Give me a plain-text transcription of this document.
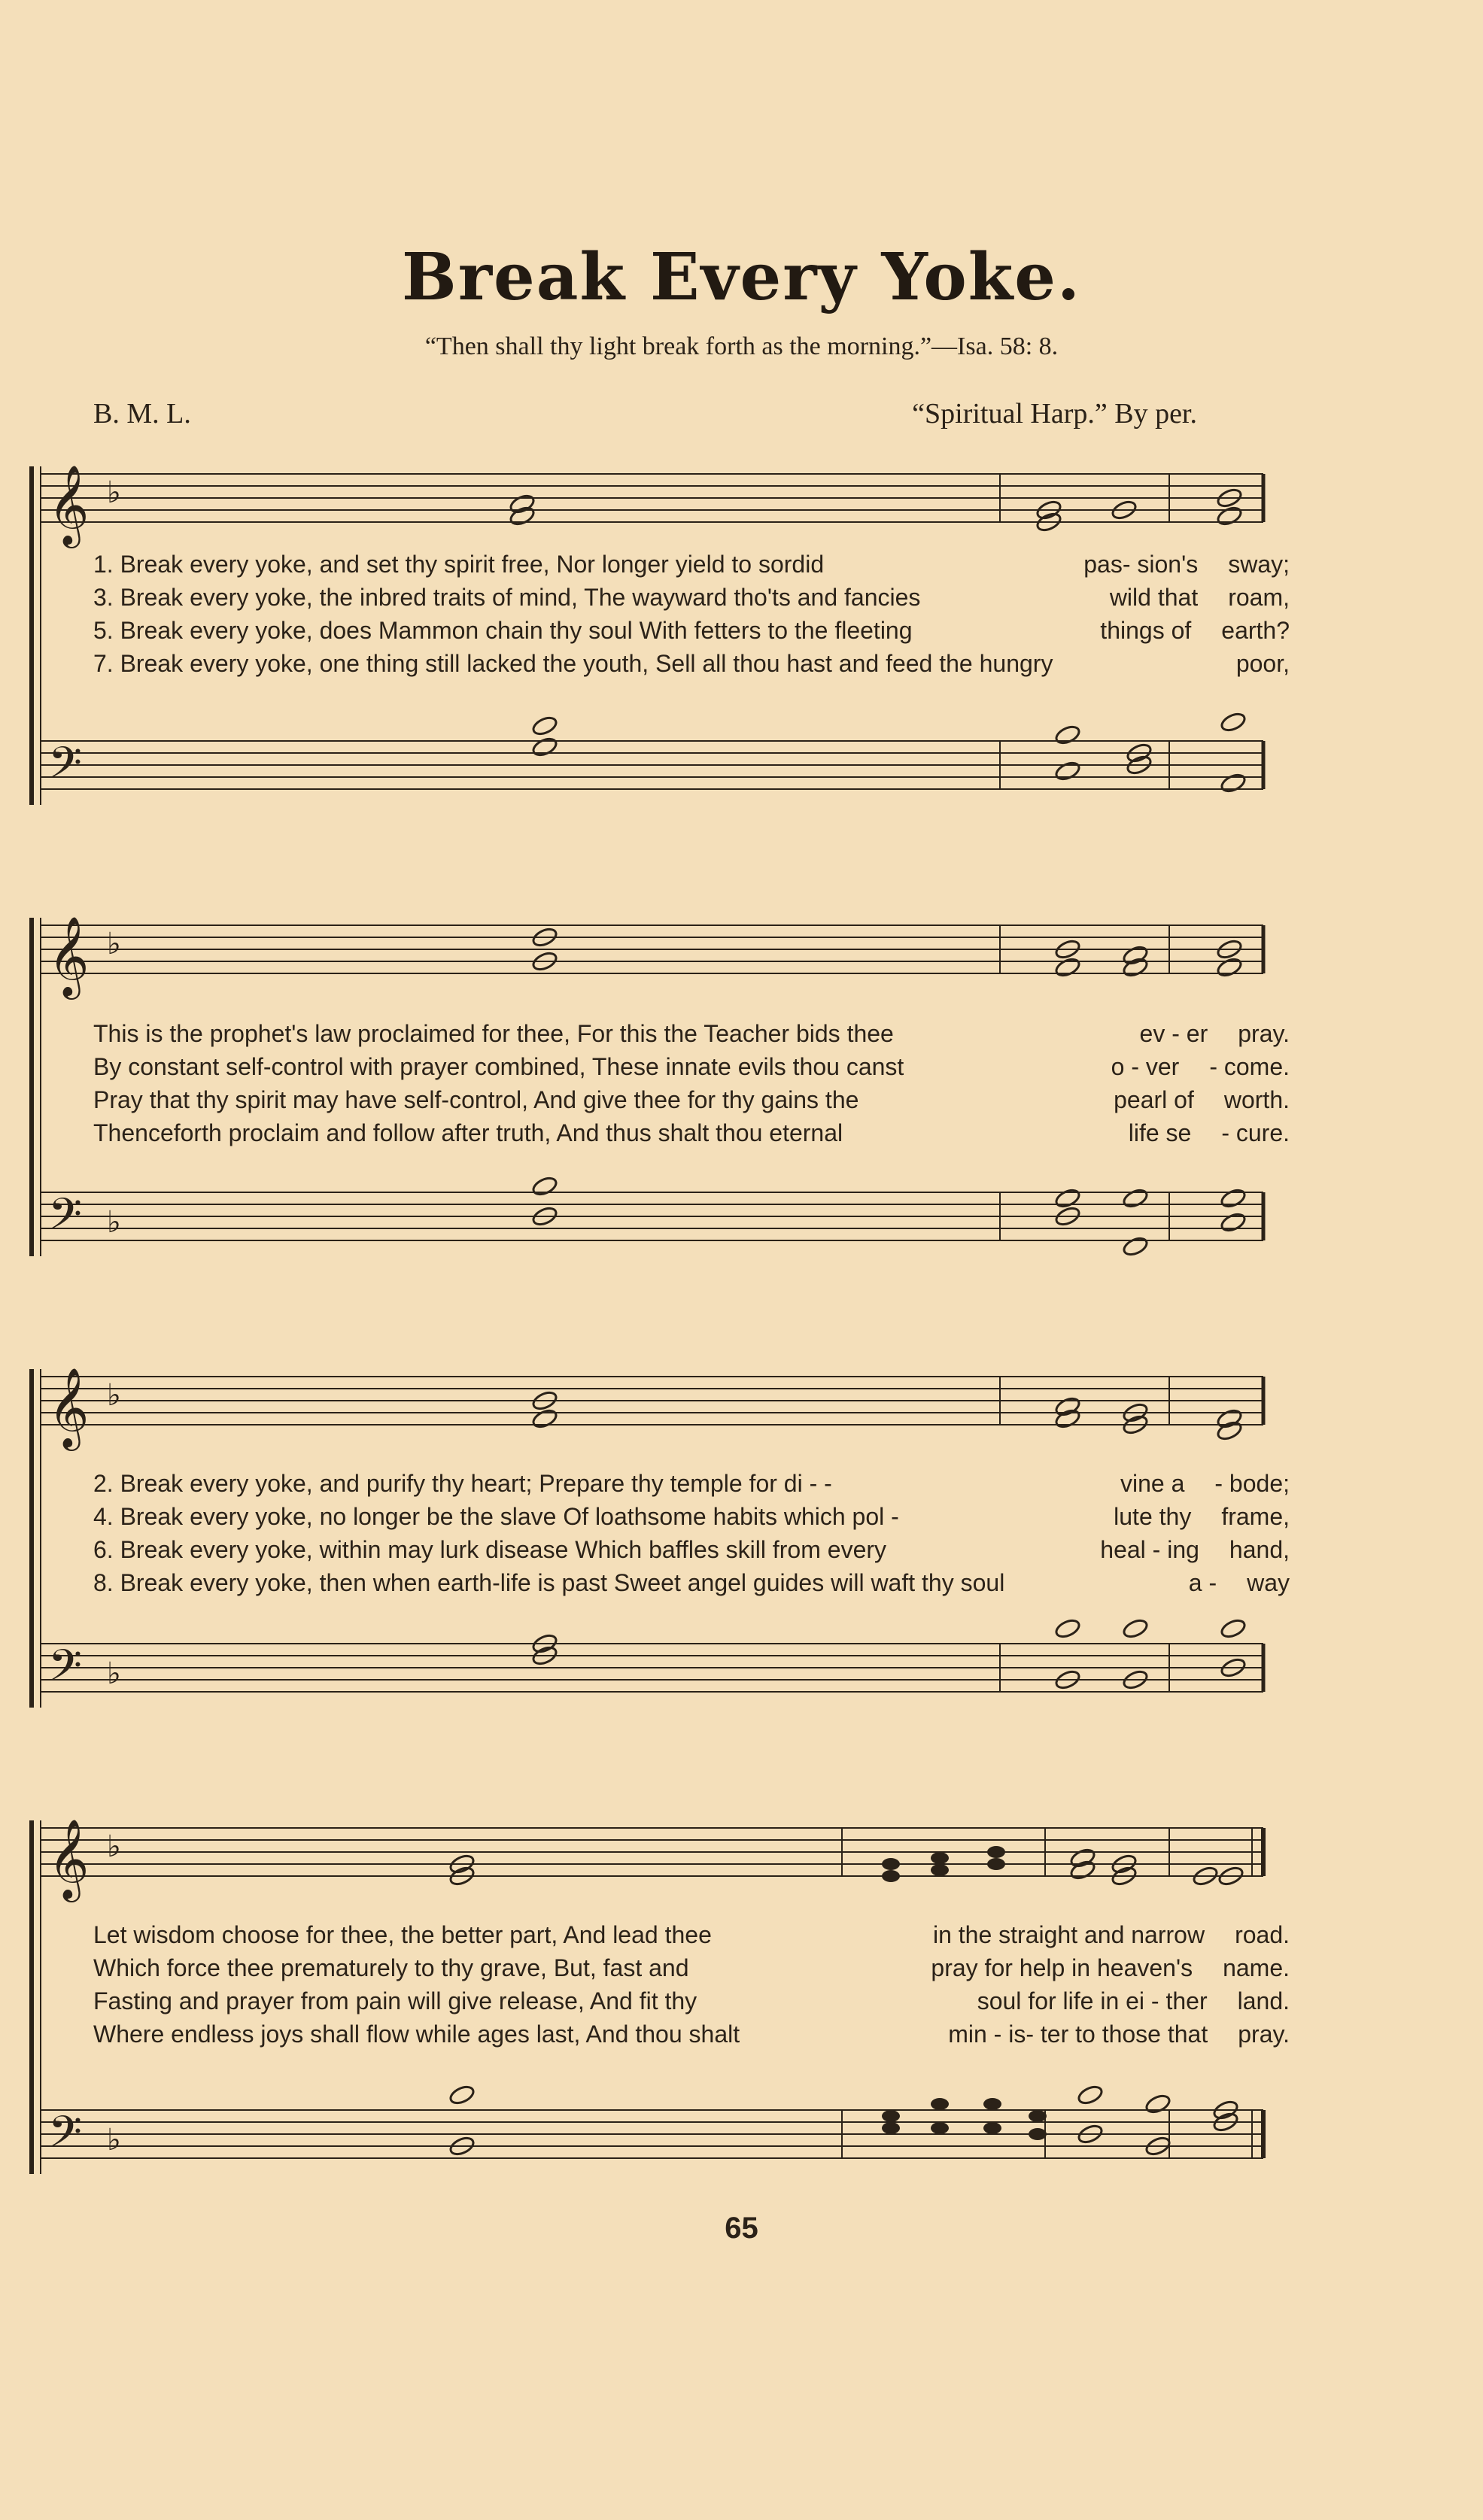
Break Every Yoke.
“Then shall thy light break forth as the morning.”—Isa. 58: 8.
B. M. L.	“Spiritual Harp.” By per.
𝄞
𝄢
♭
1. Break every yoke, and set thy spirit free, Nor longer yield to sordid	pas- sion's sway;
3. Break every yoke, the inbred traits of mind, The wayward tho'ts and fancies	wild that roam,
5. Break every yoke, does Mammon chain thy soul With fetters to the fleeting	things of earth?
7. Break every yoke, one thing still lacked the youth, Sell all thou hast and feed the hungry	poor,
𝄞
𝄢
♭
♭
This is the prophet's law proclaimed for thee, For this the Teacher bids thee	ev - er pray.
By constant self-control with prayer combined, These innate evils thou canst	o - ver - come.
Pray that thy spirit may have self-control, And give thee for thy gains the	pearl of worth.
Thenceforth proclaim and follow after truth, And thus shalt thou eternal	life se - cure.
𝄞
𝄢
♭
♭
2. Break every yoke, and purify thy heart; Prepare thy temple for di - -	vine a - bode;
4. Break every yoke, no longer be the slave Of loathsome habits which pol -	lute thy frame,
6. Break every yoke, within may lurk disease Which baffles skill from every	heal - ing hand,
8. Break every yoke, then when earth-life is past Sweet angel guides will waft thy soul	a - way
𝄞
𝄢
♭
♭
Let wisdom choose for thee, the better part, And lead thee	in the straight and narrow road.
Which force thee prematurely to thy grave, But, fast and	pray for help in heaven's name.
Fasting and prayer from pain will give release, And fit thy	soul for life in ei - ther land.
Where endless joys shall flow while ages last, And thou shalt	min - is- ter to those that pray.
65
